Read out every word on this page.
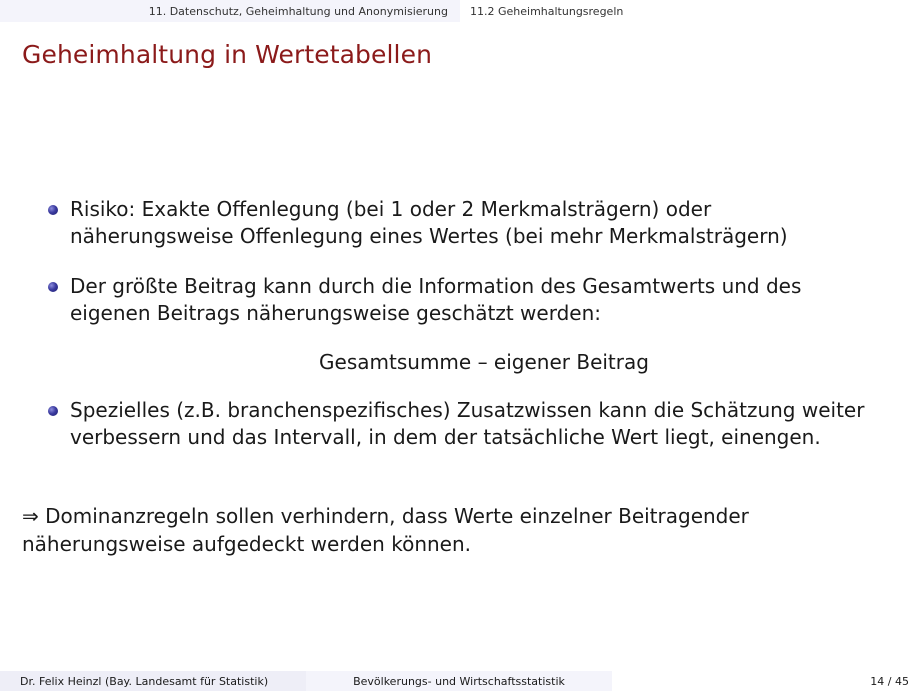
11. Datenschutz, Geheimhaltung und Anonymisierung	11.2 Geheimhaltungsregeln
Geheimhaltung in Wertetabellen
Risiko: Exakte Offenlegung (bei 1 oder 2 Merkmalsträgern) oder näherungsweise Offenlegung eines Wertes (bei mehr Merkmalsträgern)
Der größte Beitrag kann durch die Information des Gesamtwerts und des eigenen Beitrags näherungsweise geschätzt werden:
Gesamtsumme – eigener Beitrag
Spezielles (z.B. branchenspezifisches) Zusatzwissen kann die Schätzung weiter verbessern und das Intervall, in dem der tatsächliche Wert liegt, einengen.
⇒ Dominanzregeln sollen verhindern, dass Werte einzelner Beitragender näherungsweise aufgedeckt werden können.
Dr. Felix Heinzl (Bay. Landesamt für Statistik)	Bevölkerungs- und Wirtschaftsstatistik	14 / 45
